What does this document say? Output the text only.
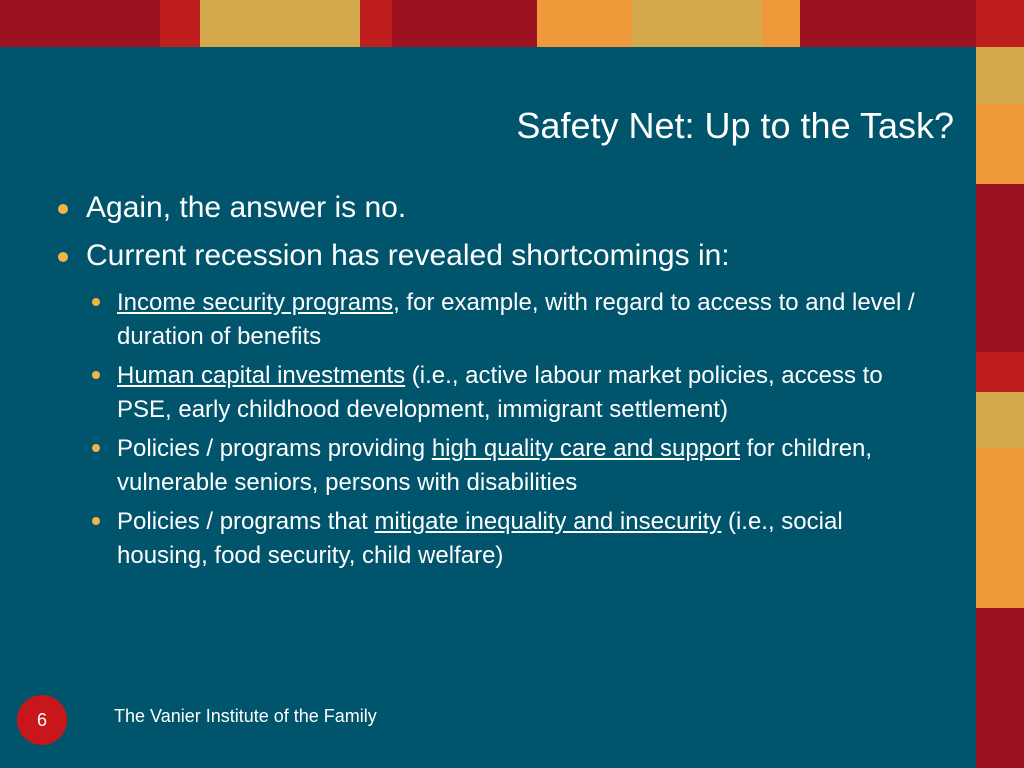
Safety Net: Up to the Task?
Again, the answer is no.
Current recession has revealed shortcomings in:
Income security programs, for example, with regard to access to and level / duration of benefits
Human capital investments (i.e., active labour market policies, access to PSE, early childhood development, immigrant settlement)
Policies / programs providing high quality care and support for children, vulnerable seniors, persons with disabilities
Policies / programs that mitigate inequality and insecurity (i.e., social housing, food security, child welfare)
6	The Vanier Institute of the Family
